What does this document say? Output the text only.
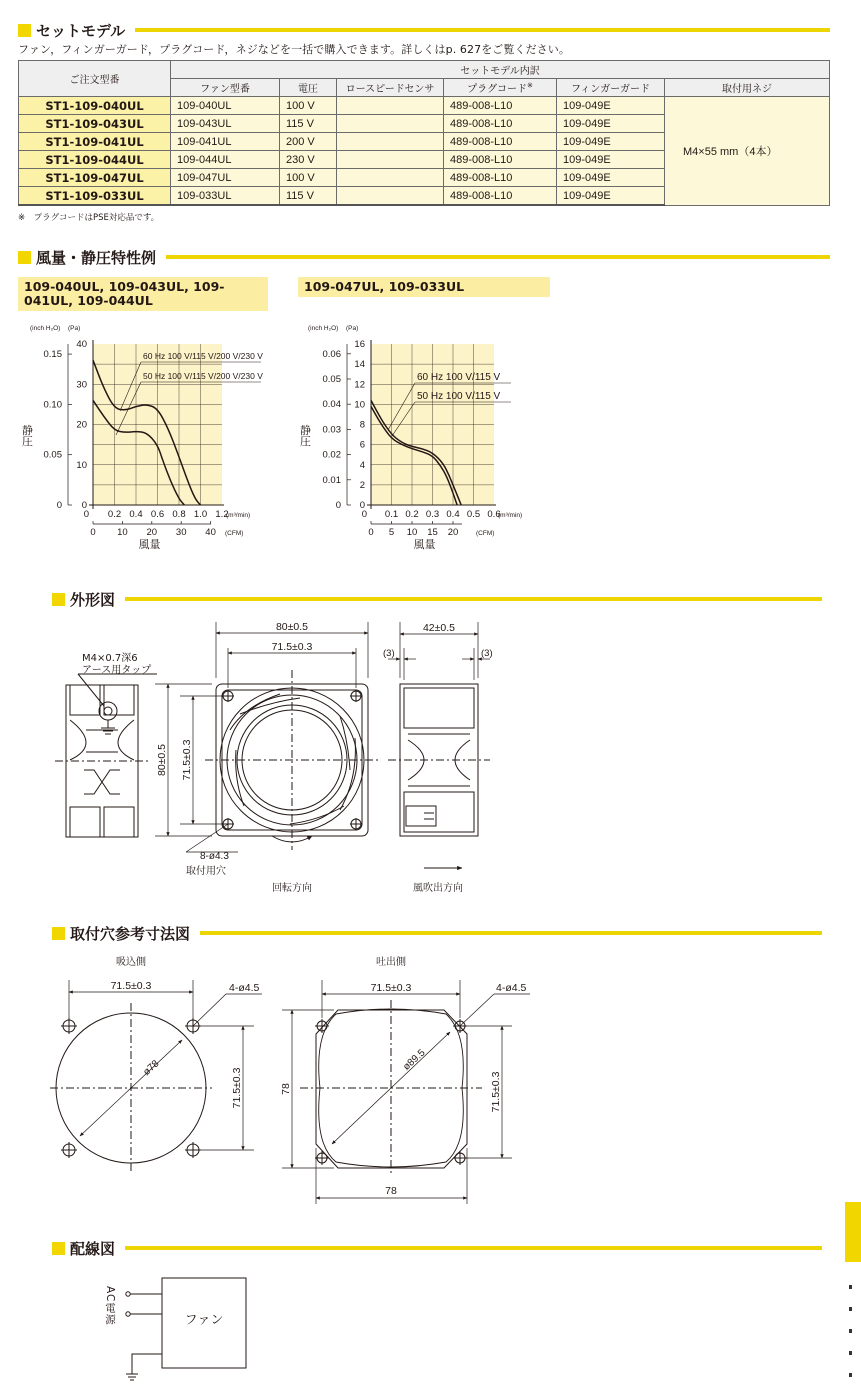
セットモデル
ファン，フィンガーガード，プラグコード，ネジなどを一括で購入できます。詳しくはp. 627をご覧ください。
ご注文型番	セットモデル内訳					
	ファン型番	電圧	ロースピードセンサ	プラグコード※	フィンガーガード	取付用ネジ
ST1-109-040UL	109-040UL	100 V		489-008-L10	109-049E	M4×55 mm（4本）
ST1-109-043UL	109-043UL	115 V		489-008-L10	109-049E	
ST1-109-041UL	109-041UL	200 V		489-008-L10	109-049E	
ST1-109-044UL	109-044UL	230 V		489-008-L10	109-049E	
ST1-109-047UL	109-047UL	100 V		489-008-L10	109-049E	
ST1-109-033UL	109-033UL	115 V		489-008-L10	109-049E	
※　プラグコードはPSE対応品です。
風量・静圧特性例
109-040UL, 109-043UL, 109-041UL, 109-044UL
109-047UL, 109-033UL
0
10
20
30
40
0
0.05
0.10
0.15
(inch H₂O) (Pa)
0.2 0.4 0.6 0.8 1.0 1.2
0	(m³/min)
0 10 20 30 40 (CFM)
風量
静圧
60 Hz 100 V/115 V/200 V/230 V
50 Hz 100 V/115 V/200 V/230 V
0
2
4
6
8
10
12
14
16
0
0.01
0.02
0.03
0.04
0.05
0.06
(inch H₂O) (Pa)
0.1 0.2 0.3 0.4 0.5 0.6
0	(m³/min)
0 5 10 15 20	(CFM)
風量
静圧
60 Hz 100 V/115 V
50 Hz 100 V/115 V
外形図
M4×0.7深6
アース用タップ
80±0.5
71.5±0.3
80±0.5 71.5±0.3
8-ø4.3
取付用穴
回転方向
42±0.5
(3)	(3)
風吹出方向
取付穴参考寸法図
吸込側	吐出側
ø78
71.5±0.3
71.5±0.3
4-ø4.5
ø89.5
71.5±0.3
71.5±0.3
78
78
4-ø4.5
配線図
ファン
AC電源
